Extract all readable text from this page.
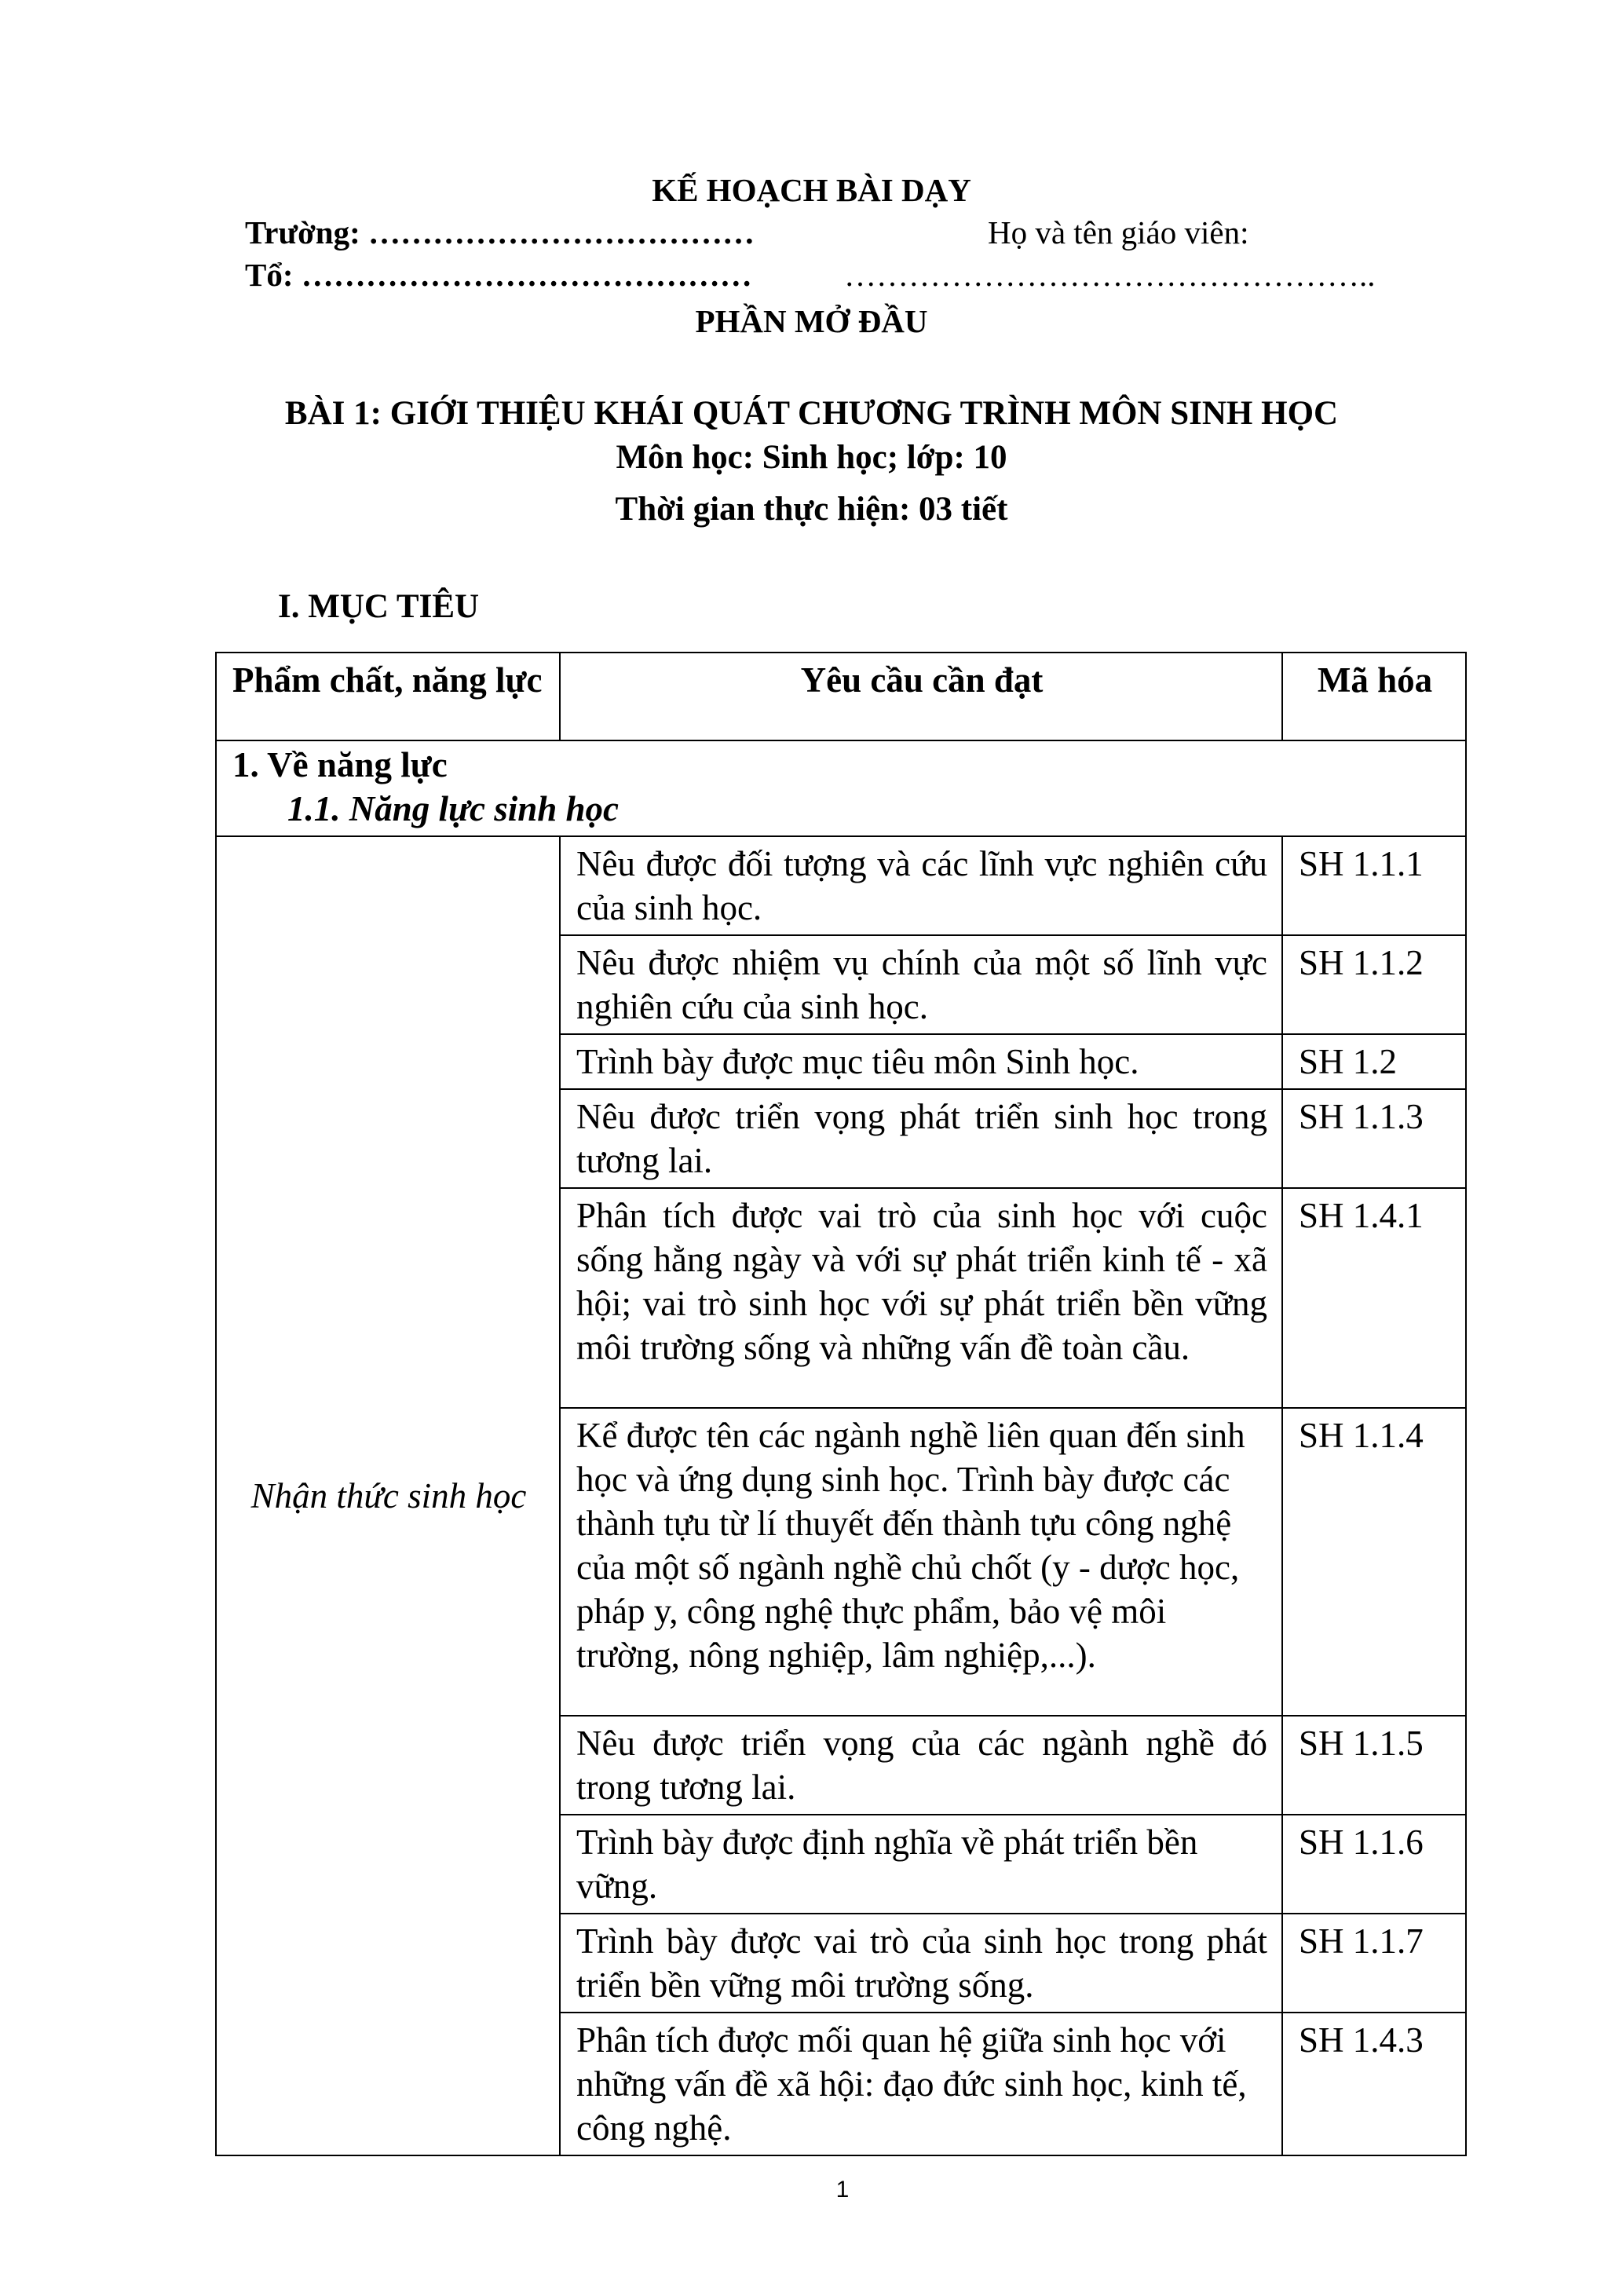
KẾ HOẠCH BÀI DẠY
Trường: ………………………………	Họ và tên giáo viên:
Tổ: ……………………………………	…………………………………………..
PHẦN MỞ ĐẦU
BÀI 1: GIỚI THIỆU KHÁI QUÁT CHƯƠNG TRÌNH MÔN SINH HỌC
Môn học: Sinh học; lớp: 10
Thời gian thực hiện: 03 tiết
I. MỤC TIÊU
Phẩm chất, năng lực	Yêu cầu cần đạt	Mã hóa

1. Về năng lực
1.1. Năng lực sinh học		

Nhận thức sinh học	Nêu được đối tượng và các lĩnh vực nghiên cứu của sinh học.	SH 1.1.1
	Nêu được nhiệm vụ chính của một số lĩnh vực nghiên cứu của sinh học.	SH 1.1.2
	Trình bày được mục tiêu môn Sinh học.	SH 1.2
	Nêu được triển vọng phát triển sinh học trong tương lai.	SH 1.1.3
	Phân tích được vai trò của sinh học với cuộc sống hằng ngày và với sự phát triển kinh tế - xã hội; vai trò sinh học với sự phát triển bền vững môi trường sống và những vấn đề toàn cầu.	SH 1.4.1
	Kể được tên các ngành nghề liên quan đến sinh học và ứng dụng sinh học. Trình bày được các thành tựu từ lí thuyết đến thành tựu công nghệ của một số ngành nghề chủ chốt (y - dược học, pháp y, công nghệ thực phẩm, bảo vệ môi trường, nông nghiệp, lâm nghiệp,...).	SH 1.1.4
	Nêu được triển vọng của các ngành nghề đó trong tương lai.	SH 1.1.5
	Trình bày được định nghĩa về phát triển bền vững.	SH 1.1.6
	Trình bày được vai trò của sinh học trong phát triển bền vững môi trường sống.	SH 1.1.7
	Phân tích được mối quan hệ giữa sinh học với những vấn đề xã hội: đạo đức sinh học, kinh tế, công nghệ.	SH 1.4.3
1
